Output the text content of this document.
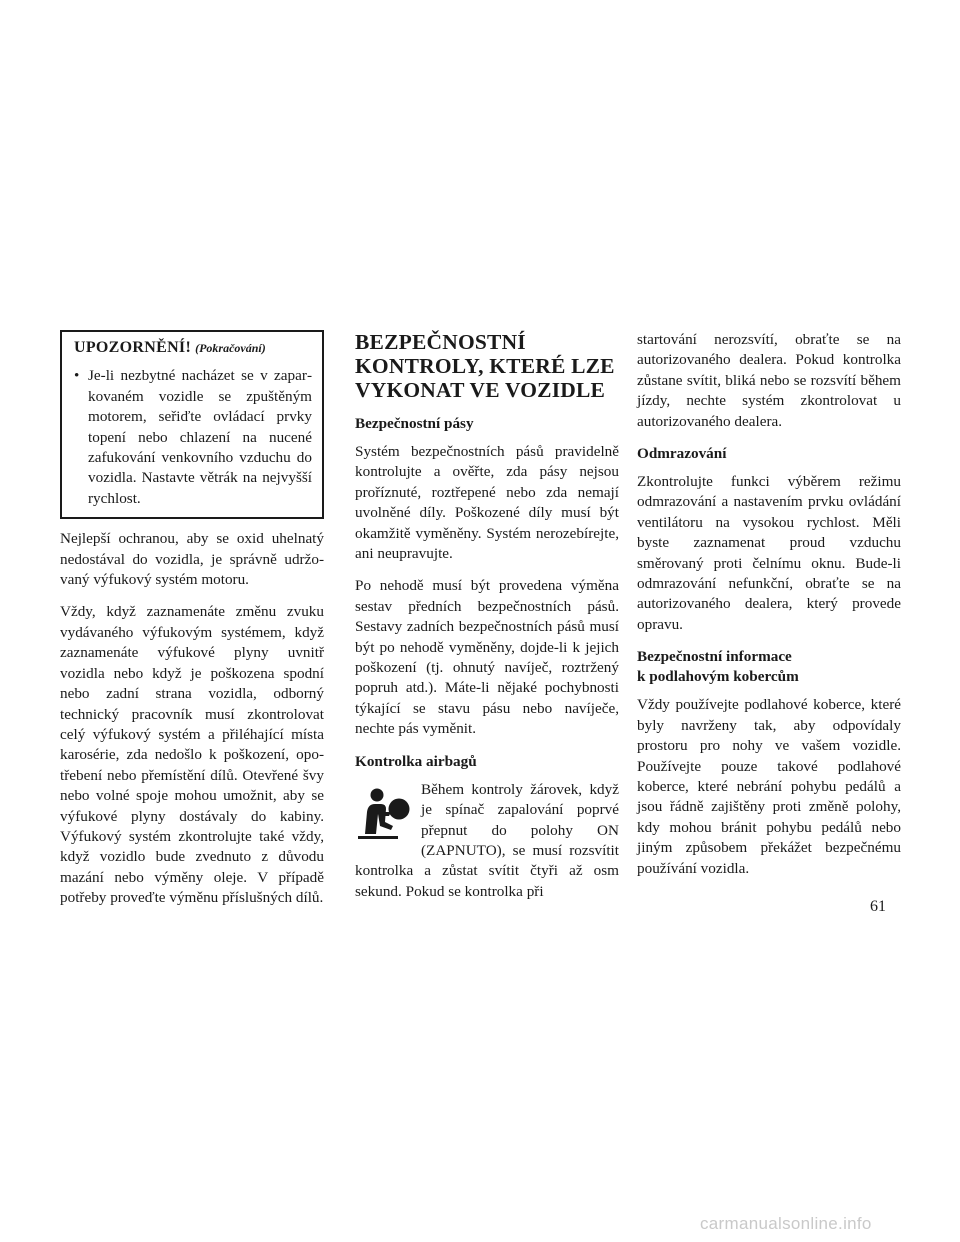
UPOZORNĚNÍ! (Pokračování)
• Je-li nezbytné nacházet se v zaparkovaném vozidle se zpuštěným motorem, seřiďte ovládací prvky topení nebo chlazení na nucené zafukování venkovního vzduchu do vozidla. Nastavte větrák na nejvyšší rychlost.

Nejlepší ochranou, aby se oxid uhelnatý nedostával do vozidla, je správně udržovaný výfukový systém motoru.

Vždy, když zaznamenáte změnu zvuku vydávaného výfukovým systémem, když zaznamenáte výfukové plyny uvnitř vozidla nebo když je poškozena spodní nebo zadní strana vozidla, odborný technický pracovník musí zkontrolovat celý výfukový systém a přiléhající místa karosérie, zda nedošlo k poškození, opotřebení nebo přemístění dílů. Otevřené švy nebo volné spoje mohou umožnit, aby se výfukové plyny dostávaly do kabiny. Výfukový systém zkontrolujte také vždy, když vozidlo bude zvednuto z důvodu mazání nebo výměny oleje. V případě potřeby proveďte výměnu příslušných dílů.

BEZPEČNOSTNÍ KONTROLY, KTERÉ LZE VYKONAT VE VOZIDLE
Bezpečnostní pásy

Systém bezpečnostních pásů pravidelně kontrolujte a ověřte, zda pásy nejsou proříznuté, roztřepené nebo zda nemají uvolněné díly. Poškozené díly musí být okamžitě vyměněny. Systém nerozebírejte, ani neupravujte.

Po nehodě musí být provedena výměna sestav předních bezpečnostních pásů. Sestavy zadních bezpečnostních pásů musí být po nehodě vyměněny, dojde-li k jejich poškození (tj. ohnutý navíječ, roztržený popruh atd.). Máte-li nějaké pochybnosti týkající se stavu pásu nebo navíječe, nechte pás vyměnit.

Kontrolka airbagů

Během kontroly žárovek, když je spínač zapalování poprvé přepnut do polohy ON (ZAPNUTO), se musí rozsvítit kontrolka a zůstat svítit čtyři až osm sekund. Pokud se kontrolka při

startování nerozsvítí, obraťte se na autorizovaného dealera. Pokud kontrolka zůstane svítit, bliká nebo se rozsvítí během jízdy, nechte systém zkontrolovat u autorizovaného dealera.

Odmrazování

Zkontrolujte funkci výběrem režimu odmrazování a nastavením prvku ovládání ventilátoru na vysokou rychlost. Měli byste zaznamenat proud vzduchu směrovaný proti čelnímu oknu. Bude-li odmrazování nefunkční, obraťte se na autorizovaného dealera, který provede opravu.

Bezpečnostní informace
k podlahovým kobercům

Vždy používejte podlahové koberce, které byly navrženy tak, aby odpovídaly prostoru pro nohy ve vašem vozidle. Používejte pouze takové podlahové koberce, které nebrání pohybu pedálů a jsou řádně zajištěny proti změně polohy, kdy mohou bránit pohybu pedálů nebo jiným způsobem překážet bezpečnému používání vozidla.

61
carmanualsonline.info
